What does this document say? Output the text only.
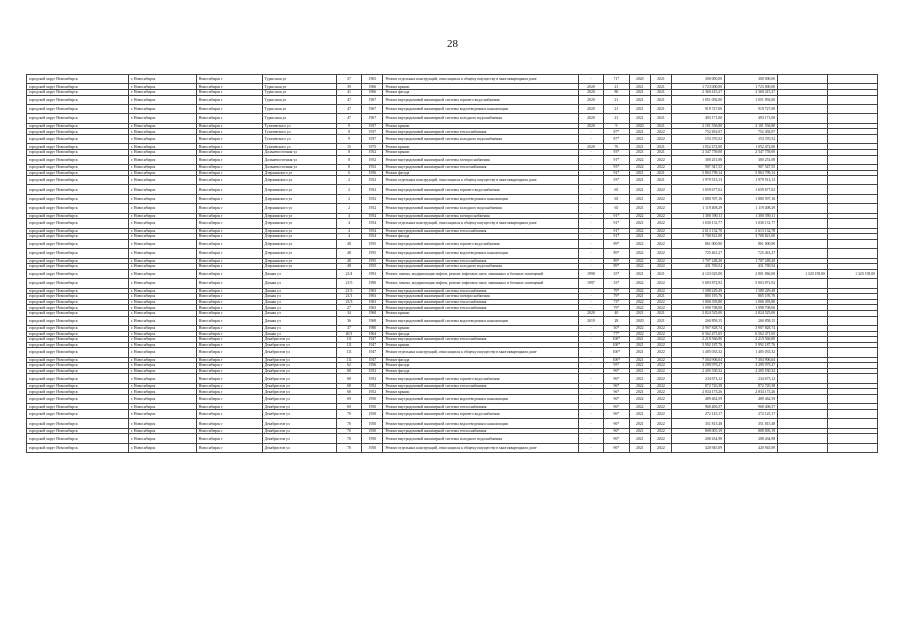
28
городской округ Новосибирск	г. Новосибирск	Новосибирск г	Турысская ул	37	1965	Ремонт отдельных конструкций, относящихся к общему имуществу в многоквартирном доме	-	71*	2020	2021	300 000,00	300 000,00		
городской округ Новосибирск	г. Новосибирск	Новосибирск г	Турысская ул	39	1966	Ремонт крыши	2020	21	2021	2021	1 723 000,00	1 723 000,00		
городской округ Новосибирск	г. Новосибирск	Новосибирск г	Турысская ул	41	1966	Ремонт фасада	2020	80	2021	2021	2 360 415,27	2 360 415,27		
городской округ Новосибирск	г. Новосибирск	Новосибирск г	Турысская ул	47	1967	Ремонт внутридомовой инженерной системы горячего водоснабжения	2020	21	2021	2021	1 051 092,00	1 051 092,00		
городской округ Новосибирск	г. Новосибирск	Новосибирск г	Турысская ул	47	1967	Ремонт внутридомовой инженерной системы водоотведения и канализации	2020	21	2021	2021	919 727,00	919 727,00		
городской округ Новосибирск	г. Новосибирск	Новосибирск г	Турысская ул	47	1967	Ремонт внутридомовой инженерной системы холодного водоснабжения	2020	21	2021	2021	493 171,00	493 171,00		
городской округ Новосибирск	г. Новосибирск	Новосибирск г	Тухачевского ул	9	1937	Ремонт крыши	2020	9	2020	2021	2 101 556,80	2 101 556,80		
городской округ Новосибирск	г. Новосибирск	Новосибирск г	Тухачевского ул	8	1937	Ремонт внутридомовой инженерной системы теплоснабжения	-	87*	2021	2022	752 492,07	752 492,07		
городской округ Новосибирск	г. Новосибирск	Новосибирск г	Тухачевского ул	9	1937	Ремонт внутридомовой инженерной системы холодного водоснабжения	-	87*	2021	2022	153 370,52	153 370,52		
городской округ Новосибирск	г. Новосибирск	Новосибирск г	Тухачевского ул	15	1975	Ремонт крыши	2020	70	2021	2021	1 052 472,00	1 052 472,00		
городской округ Новосибирск	г. Новосибирск	Новосибирск г	Дальневосточная ул	8	1952	Ремонт крыши	-	93*	2021	2021	2 347 759,00	2 347 759,00		
городской округ Новосибирск	г. Новосибирск	Новосибирск г	Дальневосточная ул	8	1952	Ремонт внутридомовой инженерной системы электроснабжения	-	91*	2022	2022	300 251,08	300 251,08		
городской округ Новосибирск	г. Новосибирск	Новосибирск г	Дальневосточная ул	8	1952	Ремонт внутридомовой инженерной системы теплоснабжения	-	93*	2022	2022	907 547,55	907 547,55		
городской округ Новосибирск	г. Новосибирск	Новосибирск г	Дзержинского ул	6	1956	Ремонт фасада	-	92*	2021	2021	5 863 799,14	5 863 799,14		
городской округ Новосибирск	г. Новосибирск	Новосибирск г	Дзержинского ул	2	1952	Ремонт отдельных конструкций, относящихся к общему имуществу в многоквартирном доме	-	93*	2021	2021	1 979 513,13	1 979 513,13		
городской округ Новосибирск	г. Новосибирск	Новосибирск г	Дзержинского ул	2	1952	Ремонт внутридомовой инженерной системы горячего водоснабжения	-	65	2021	2022	1 659 677,02	1 659 677,02		
городской округ Новосибирск	г. Новосибирск	Новосибирск г	Дзержинского ул	2	1952	Ремонт внутридомовой инженерной системы водоотведения и канализации	-	65	2021	2022	1 880 597,16	1 880 597,16		
городской округ Новосибирск	г. Новосибирск	Новосибирск г	Дзержинского ул	2	1952	Ремонт внутридомовой инженерной системы холодного водоснабжения	-	65	2021	2022	1 119 408,29	1 119 408,29		
городской округ Новосибирск	г. Новосибирск	Новосибирск г	Дзержинского ул	4	1954	Ремонт внутридомовой инженерной системы электроснабжения	-	91*	2022	2022	1 300 390,11	1 300 390,11		
городской округ Новосибирск	г. Новосибирск	Новосибирск г	Дзержинского ул	4	1954	Ремонт отдельных конструкций, относящихся к общему имуществу в многоквартирном доме	-	91*	2021	2022	1 030 131,77	1 030 131,77		
городской округ Новосибирск	г. Новосибирск	Новосибирск г	Дзержинского ул	4	1954	Ремонт внутридомовой инженерной системы теплоснабжения	-	91*	2022	2022	2 613 132,78	2 613 132,78		
городской округ Новосибирск	г. Новосибирск	Новосибирск г	Дзержинского ул	4	1954	Ремонт фасада	-	91*	2021	2022	3 700 821,00	3 700 821,00		
городской округ Новосибирск	г. Новосибирск	Новосибирск г	Дзержинского ул	48	1955	Ремонт внутридомовой инженерной системы горячего водоснабжения	-	89*	2022	2022	861 000,90	861 000,90		
городской округ Новосибирск	г. Новосибирск	Новосибирск г	Дзержинского ул	48	1955	Ремонт внутридомовой инженерной системы водоотведения и канализации	-	89*	2022	2022	725 461,27	725 461,27		
городской округ Новосибирск	г. Новосибирск	Новосибирск г	Дзержинского ул	48	1955	Ремонт внутридомовой инженерной системы теплоснабжения	-	89*	2022	2022	1 707 248,20	1 707 248,20		
городской округ Новосибирск	г. Новосибирск	Новосибирск г	Дзержинского ул	48	1955	Ремонт внутридомовой инженерной системы холодного водоснабжения	-	89*	2022	2022	431 769,54	431 769,54		
городской округ Новосибирск	г. Новосибирск	Новосибирск г	Дачная ул	21/4	1993	Ремонт, замена, модернизация лифтов, ремонт лифтовых шахт, машинных и блочных помещений	1998	35*	2021	2021	4 123 025,00	2 801 866,00	1 320 158,00	1 320 158,00
городской округ Новосибирск	г. Новосибирск	Новосибирск г	Дачная ул	21/5	1990	Ремонт, замена, модернизация лифтов, ремонт лифтовых шахт, машинных и блочных помещений	1997	33*	2022	2022	5 003 872,92	5 003 872,92		
городской округ Новосибирск	г. Новосибирск	Новосибирск г	Дачная ул	21/3	1963	Ремонт внутридомовой инженерной системы теплоснабжения	-	79*	2022	2022	1 588 229,49	1 588 229,49		
городской округ Новосибирск	г. Новосибирск	Новосибирск г	Дачная ул	21/1	1963	Ремонт внутридомовой инженерной системы электроснабжения	-	79*	2021	2021	805 195,76	805 195,76		
городской округ Новосибирск	г. Новосибирск	Новосибирск г	Дачная ул	23/3	1963	Ремонт внутридомовой инженерной системы теплоснабжения	-	73*	2022	2022	1 006 393,80	1 006 393,80		
городской округ Новосибирск	г. Новосибирск	Новосибирск г	Дачная ул	27	1963	Ремонт внутридомовой инженерной системы теплоснабжения	-	79*	2022	2022	1 098 708,06	1 098 708,06		
городской округ Новосибирск	г. Новосибирск	Новосибирск г	Дачная ул	34	1968	Ремонт крыши	2020	40	2021	2021	2 824 525,00	2 824 525,00		
городской округ Новосибирск	г. Новосибирск	Новосибирск г	Дачная ул	36	1968	Ремонт внутридомовой инженерной системы водоотведения и канализации	2019	28	2020	2021	260 858,15	260 858,15		
городской округ Новосибирск	г. Новосибирск	Новосибирск г	Дачная ул	37	1980	Ремонт крыши	-	50*	2022	2022	3 907 828,74	3 907 828,74		
городской округ Новосибирск	г. Новосибирск	Новосибирск г	Дачная ул	40/1	1964	Ремонт фасада	-	77*	2022	2022	6 562 471,65	6 562 471,65		
городской округ Новосибирск	г. Новосибирск	Новосибирск г	Декабристов ул	111	1947	Ремонт внутридомовой инженерной системы теплоснабжения	-	100*	2021	2022	2 219 566,80	2 219 566,80		
городской округ Новосибирск	г. Новосибирск	Новосибирск г	Декабристов ул	111	1947	Ремонт крыши	-	100*	2021	2022	5 992 187,76	5 992 187,76		
городской округ Новосибирск	г. Новосибирск	Новосибирск г	Декабристов ул	111	1947	Ремонт отдельных конструкций, относящихся к общему имуществу в многоквартирном доме	-	100*	2021	2022	1 405 033,32	1 405 033,32		
городской округ Новосибирск	г. Новосибирск	Новосибирск г	Декабристов ул	111	1947	Ремонт фасада	-	100*	2021	2022	7 304 906,04	7 304 906,04		
городской округ Новосибирск	г. Новосибирск	Новосибирск г	Декабристов ул	62	1956	Ремонт фасада	-	95*	2021	2022	3 299 979,27	3 299 979,27		
городской округ Новосибирск	г. Новосибирск	Новосибирск г	Декабристов ул	68	1952	Ремонт фасада	-	96*	2021	2022	2 205 530,32	2 205 530,32		
городской округ Новосибирск	г. Новосибирск	Новосибирск г	Декабристов ул	68	1952	Ремонт внутридомовой инженерной системы горячего водоснабжения	-	96*	2021	2022	234 673,12	234 673,12		
городской округ Новосибирск	г. Новосибирск	Новосибирск г	Декабристов ул	68	1952	Ремонт внутридомовой инженерной системы теплоснабжения	-	96*	2022	2022	872 720,38	872 720,38		
городской округ Новосибирск	г. Новосибирск	Новосибирск г	Декабристов ул	68	1952	Ремонт крыши	-	96*	2021	2022	2 834 173,26	2 834 173,26		
городской округ Новосибирск	г. Новосибирск	Новосибирск г	Декабристов ул	69	1950	Ремонт внутридомовой инженерной системы водоотведения и канализации	-	96*	2022	2022	489 462,59	489 462,59		
городской округ Новосибирск	г. Новосибирск	Новосибирск г	Декабристов ул	69	1950	Ремонт внутридомовой инженерной системы теплоснабжения	-	96*	2022	2022	968 406,57	968 406,57		
городской округ Новосибирск	г. Новосибирск	Новосибирск г	Декабристов ул	70	1950	Ремонт внутридомовой инженерной системы горячего водоснабжения	-	96*	2021	2022	272 125,17	272 125,17		
городской округ Новосибирск	г. Новосибирск	Новосибирск г	Декабристов ул	70	1950	Ремонт внутридомовой инженерной системы водоотведения и канализации	-	96*	2021	2022	351 815,48	351 815,48		
городской округ Новосибирск	г. Новосибирск	Новосибирск г	Декабристов ул	70	1950	Ремонт внутридомовой инженерной системы теплоснабжения	-	96*	2021	2022	808 005,19	808 005,19		
городской округ Новосибирск	г. Новосибирск	Новосибирск г	Декабристов ул	70	1950	Ремонт внутридомовой инженерной системы холодного водоснабжения	-	96*	2021	2022	208 434,98	208 434,98		
городской округ Новосибирск	г. Новосибирск	Новосибирск г	Декабристов ул	70	1950	Ремонт отдельных конструкций, относящихся к общему имуществу в многоквартирном доме	-	96*	2021	2022	420 945,09	420 945,09		
